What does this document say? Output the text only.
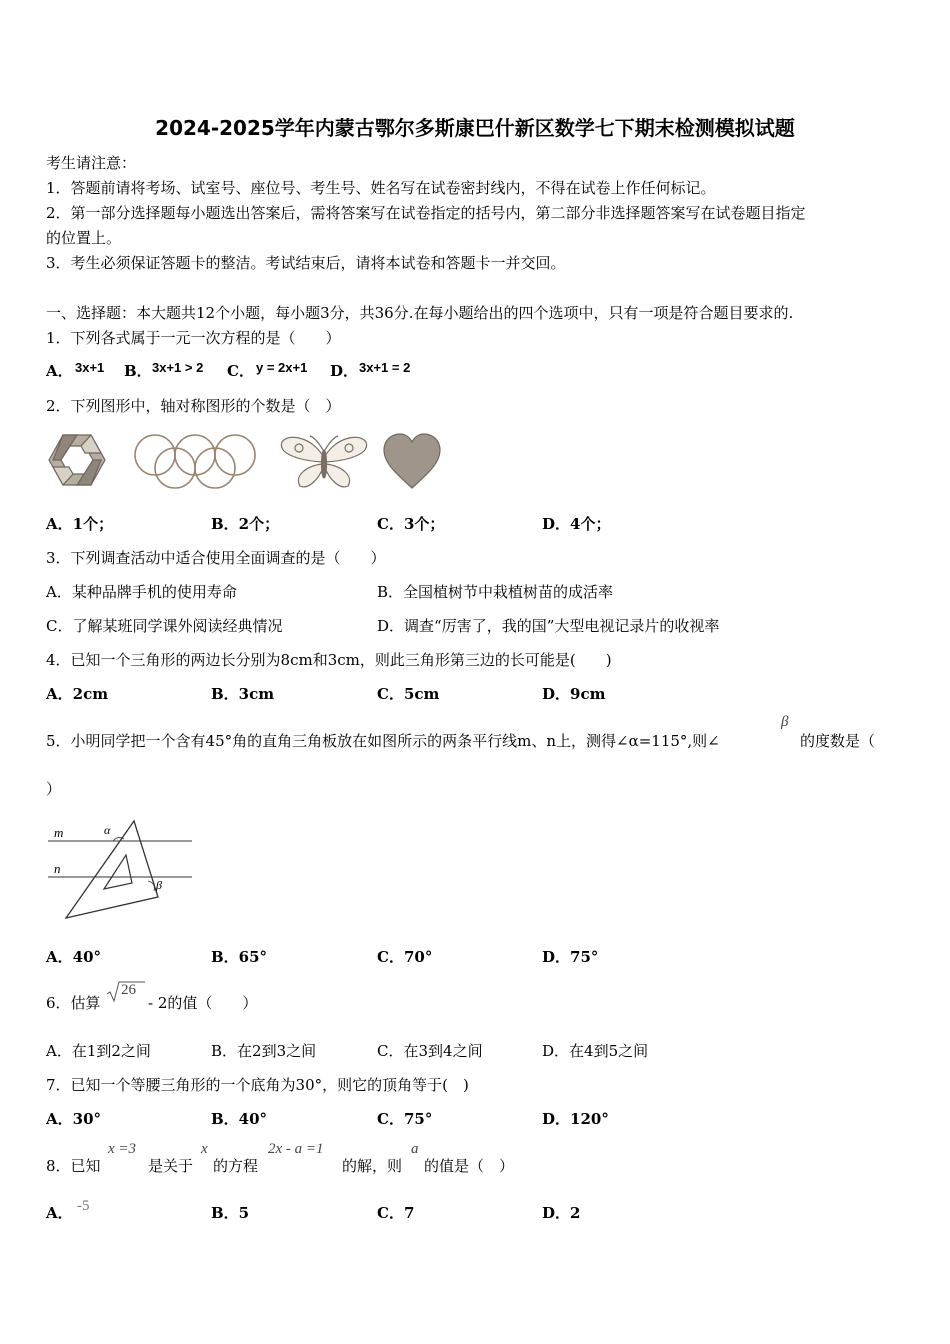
2024-2025学年内蒙古鄂尔多斯康巴什新区数学七下期末检测模拟试题
考生请注意：
1．答题前请将考场、试室号、座位号、考生号、姓名写在试卷密封线内，不得在试卷上作任何标记。
2．第一部分选择题每小题选出答案后，需将答案写在试卷指定的括号内，第二部分非选择题答案写在试卷题目指定
的位置上。
3．考生必须保证答题卡的整洁。考试结束后，请将本试卷和答题卡一并交回。
一、选择题：本大题共12个小题，每小题3分，共36分.在每小题给出的四个选项中，只有一项是符合题目要求的.
1．下列各式属于一元一次方程的是（　　）
A． 3x+1 B． 3x+1 > 2 C． y = 2x+1 D． 3x+1 = 2
2．下列图形中，轴对称图形的个数是（　）
A．1个；	B．2个；	C．3个；	D．4个；
3．下列调查活动中适合使用全面调查的是（　　）
A．某种品牌手机的使用寿命	B．全国植树节中栽植树苗的成活率
C．了解某班同学课外阅读经典情况	D．调查“厉害了，我的国”大型电视记录片的收视率
4．已知一个三角形的两边长分别为8cm和3cm，则此三角形第三边的长可能是(　　)
A．2cm	B．3cm	C．5cm	D．9cm
5．小明同学把一个含有45°角的直角三角板放在如图所示的两条平行线m、n上，测得∠α=115°,则∠
β
的度数是（
）
m
n
α
β
A．40°	B．65°	C．70°	D．75°
6．估算
26
- 2的值（　　）
A．在1到2之间	B．在2到3之间	C．在3到4之间	D．在4到5之间
7．已知一个等腰三角形的一个底角为30°，则它的顶角等于(　)
A．30°	B．40°	C．75°	D．120°
8．已知
x =3
是关于
x
的方程
2x - a =1
的解，则
a
的值是（　）
A． -5	B．5	C．7	D．2
